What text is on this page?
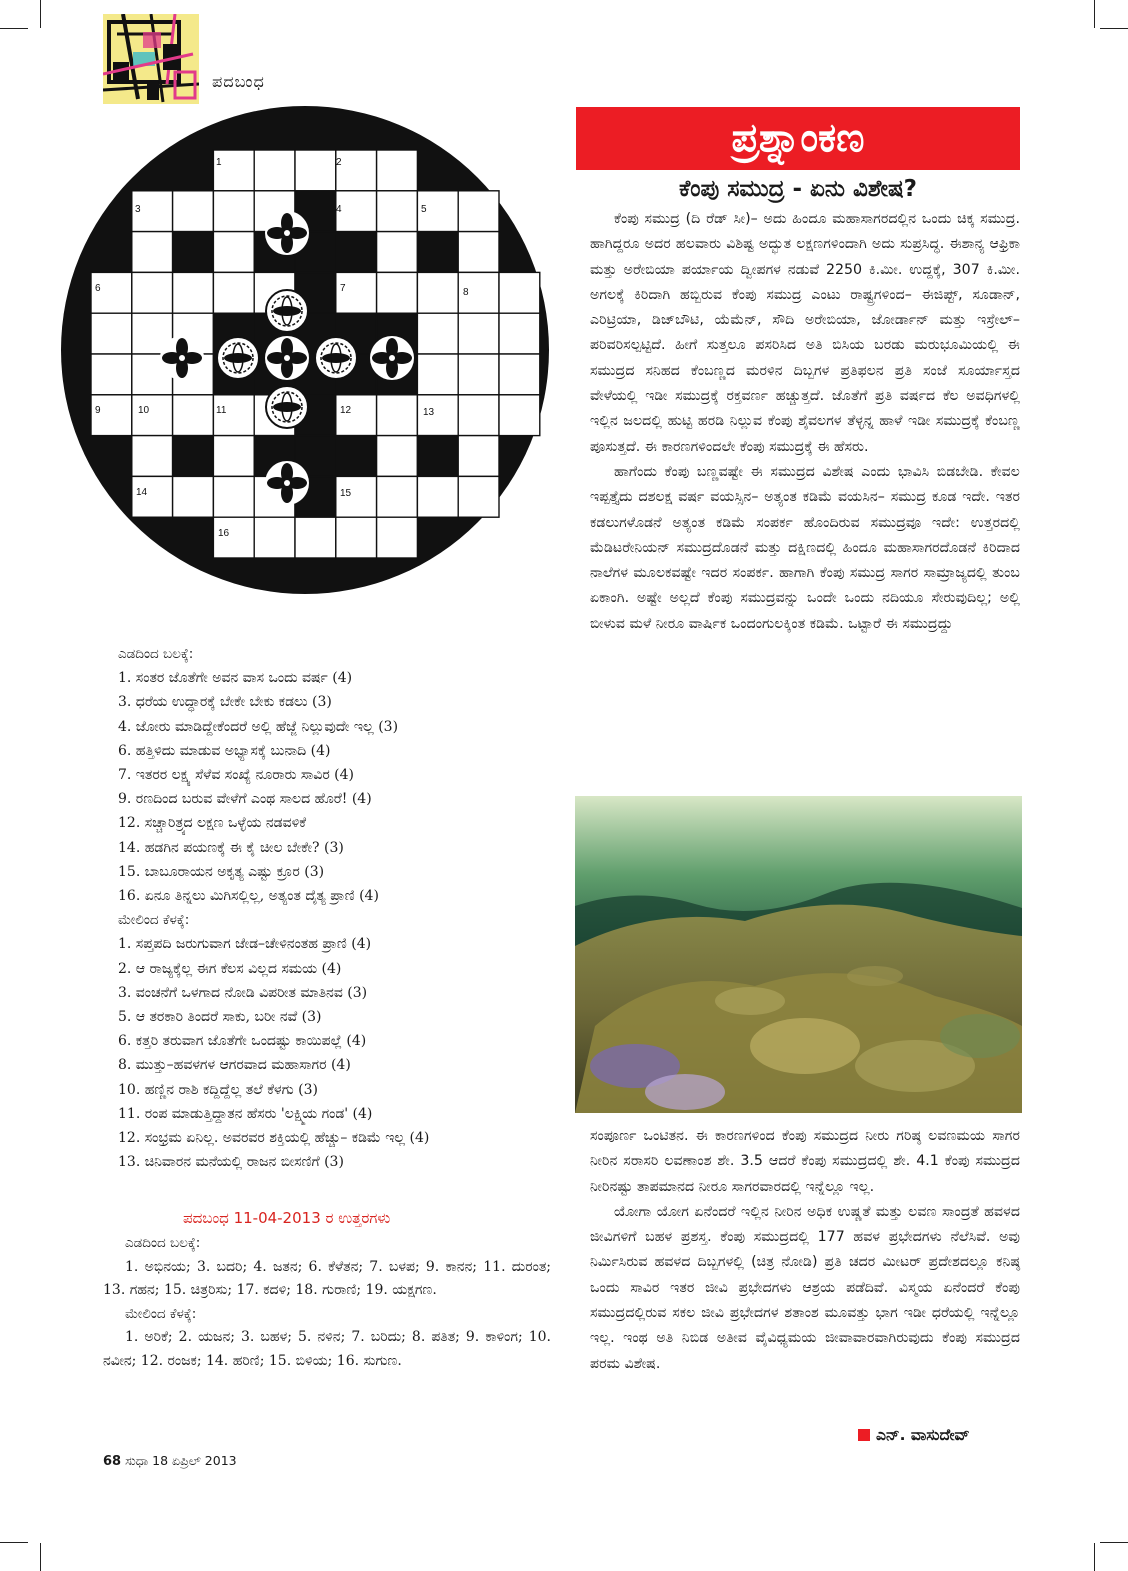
ಪದಬಂಧ
1	2
3	4	5
6	7	8
9	10	11	12	13
14	15
16
ಎಡದಿಂದ ಬಲಕ್ಕೆ:
1. ಸಂತರ ಜೊತೆಗೇ ಅವನ ವಾಸ ಒಂದು ವರ್ಷ (4)
3. ಧರೆಯ ಉದ್ಧಾರಕ್ಕೆ ಬೇಕೇ ಬೇಕು ಕಡಲು (3)
4. ಜೋರು ಮಾಡಿದ್ದೇಕೆಂದರೆ ಅಲ್ಲಿ ಹೆಜ್ಜೆ ನಿಲ್ಲುವುದೇ ಇಲ್ಲ (3)
6. ಹತ್ತಿಳಿದು ಮಾಡುವ ಅಭ್ಯಾಸಕ್ಕೆ ಬುನಾದಿ (4)
7. ಇತರರ ಲಕ್ಷ್ಯ ಸೆಳೆವ ಸಂಖ್ಯೆ ನೂರಾರು ಸಾವಿರ (4)
9. ರಣದಿಂದ ಬರುವ ವೇಳೆಗೆ ಎಂಥ ಸಾಲದ ಹೊರೆ! (4)
12. ಸಚ್ಚಾರಿತ್ರ್ಯದ ಲಕ್ಷಣ ಒಳ್ಳೆಯ ನಡವಳಿಕೆ
14. ಹಡಗಿನ ಪಯಣಕ್ಕೆ ಈ ಕೈ ಚೀಲ ಬೇಕೇ? (3)
15. ಬಾಬೂರಾಯನ ಅಕೃತ್ಯ ಎಷ್ಟು ಕ್ರೂರ (3)
16. ಏನೂ ತಿನ್ನಲು ಮಿಗಿಸಲ್ಲಿಲ್ಲ, ಅತ್ಯಂತ ದೈತ್ಯ ಪ್ರಾಣಿ (4)
ಮೇಲಿಂದ ಕೆಳಕ್ಕೆ:
1. ಸಪ್ತಪದಿ ಜರುಗುವಾಗ ಜೇಡ–ಚೇಳಿನಂತಹ ಪ್ರಾಣಿ (4)
2. ಆ ರಾಜ್ಯಕ್ಕೆಲ್ಲ ಈಗ ಕೆಲಸ ವಿಲ್ಲದ ಸಮಯ (4)
3. ವಂಚನೆಗೆ ಒಳಗಾದ ನೋಡಿ ವಿಪರೀತ ಮಾತಿನವ (3)
5. ಆ ತರಕಾರಿ ತಿಂದರೆ ಸಾಕು, ಬರೀ ನವೆ (3)
6. ಕತ್ತರಿ ತರುವಾಗ ಜೊತೆಗೇ ಒಂದಷ್ಟು ಕಾಯಿಪಲ್ಲೆ (4)
8. ಮುತ್ತು–ಹವಳಗಳ ಆಗರವಾದ ಮಹಾಸಾಗರ (4)
10. ಹಣ್ಣಿನ ರಾಶಿ ಕದ್ದಿದ್ದೆಲ್ಲ ತಲೆ ಕೆಳಗು (3)
11. ರಂಪ ಮಾಡುತ್ತಿದ್ದಾತನ ಹೆಸರು 'ಲಕ್ಷ್ಮಿಯ ಗಂಡ' (4)
12. ಸಂಭ್ರಮ ಏನಿಲ್ಲ. ಅವರವರ ಶಕ್ತಿಯಲ್ಲಿ ಹೆಚ್ಚು– ಕಡಿಮೆ ಇಲ್ಲ (4)
13. ಚಿನಿವಾರನ ಮನೆಯಲ್ಲಿ ರಾಜನ ಬೀಸಣಿಗೆ (3)
ಪದಬಂಧ 11-04-2013 ರ ಉತ್ತರಗಳು
ಎಡದಿಂದ ಬಲಕ್ಕೆ:
1. ಅಭಿನಯ; 3. ಬದರಿ; 4. ಜತನ; 6. ಕೆಳೆತನ; 7. ಬಳಪ; 9. ಕಾನನ; 11. ದುರಂತ; 13. ಗಹನ; 15. ಚಿತ್ರರಿಸು; 17. ಕದಳಿ; 18. ಗುರಾಣಿ; 19. ಯಕ್ಷಗಣ.
ಮೇಲಿಂದ ಕೆಳಕ್ಕೆ:
1. ಅರಿಕೆ; 2. ಯಜನ; 3. ಬಹಳ; 5. ನಳಿನ; 7. ಬರಿದು; 8. ಪತಿತ; 9. ಕಾಳಿಂಗ; 10. ನವೀನ; 12. ರಂಜಕ; 14. ಹರಿಣಿ; 15. ಬಿಳಿಯ; 16. ಸುಗುಣ.
68 ಸುಧಾ 18 ಏಪ್ರಿಲ್ 2013
ಪ್ರಶ್ನಾಂಕಣ
ಕೆಂಪು ಸಮುದ್ರ - ಏನು ವಿಶೇಷ?

ಕೆಂಪು ಸಮುದ್ರ (ದಿ ರೆಡ್ ಸೀ)– ಅದು ಹಿಂದೂ ಮಹಾಸಾಗರದಲ್ಲಿನ ಒಂದು ಚಿಕ್ಕ ಸಮುದ್ರ. ಹಾಗಿದ್ದರೂ ಅದರ ಹಲವಾರು ವಿಶಿಷ್ಟ ಅದ್ಭುತ ಲಕ್ಷಣಗಳಿಂದಾಗಿ ಅದು ಸುಪ್ರಸಿದ್ಧ. ಈಶಾನ್ಯ ಆಫ್ರಿಕಾ ಮತ್ತು ಅರೇಬಿಯಾ ಪರ್ಯಾಯ ದ್ವೀಪಗಳ ನಡುವೆ 2250 ಕಿ.ಮೀ. ಉದ್ದಕ್ಕೆ, 307 ಕಿ.ಮೀ. ಅಗಲಕ್ಕೆ ಕಿರಿದಾಗಿ ಹಬ್ಬಿರುವ ಕೆಂಪು ಸಮುದ್ರ ಎಂಟು ರಾಷ್ಟ್ರಗಳಿಂದ– ಈಜಿಪ್ಟ್, ಸೂಡಾನ್, ಎರಿಟ್ರಿಯಾ, ಡಿಜ್‌ಬೌಟಿ, ಯೆಮೆನ್, ಸೌದಿ ಅರೇಬಿಯಾ, ಜೋರ್ಡಾನ್ ಮತ್ತು ಇಸ್ರೇಲ್– ಪರಿವರಿಸಲ್ಪಟ್ಟಿದೆ. ಹೀಗೆ ಸುತ್ತಲೂ ಪಸರಿಸಿದ ಅತಿ ಬಿಸಿಯ ಬರಡು ಮರುಭೂಮಿಯಲ್ಲಿ ಈ ಸಮುದ್ರದ ಸನಿಹದ ಕೆಂಬಣ್ಣದ ಮರಳಿನ ದಿಬ್ಬಗಳ ಪ್ರತಿಫಲನ ಪ್ರತಿ ಸಂಜೆ ಸೂರ್ಯಾಸ್ತದ ವೇಳೆಯಲ್ಲಿ ಇಡೀ ಸಮುದ್ರಕ್ಕೆ ರಕ್ತವರ್ಣ ಹಚ್ಚುತ್ತದೆ. ಜೊತೆಗೆ ಪ್ರತಿ ವರ್ಷದ ಕೆಲ ಅವಧಿಗಳಲ್ಲಿ ಇಲ್ಲಿನ ಜಲದಲ್ಲಿ ಹುಟ್ಟಿ ಹರಡಿ ನಿಲ್ಲುವ ಕೆಂಪು ಶೈವಲಗಳ ತೆಳ್ಳನ್ನ ಹಾಳೆ ಇಡೀ ಸಮುದ್ರಕ್ಕೆ ಕೆಂಬಣ್ಣ ಪೂಸುತ್ತದೆ. ಈ ಕಾರಣಗಳಿಂದಲೇ ಕೆಂಪು ಸಮುದ್ರಕ್ಕೆ ಈ ಹೆಸರು.

ಹಾಗೆಂದು ಕೆಂಪು ಬಣ್ಣವಷ್ಟೇ ಈ ಸಮುದ್ರದ ವಿಶೇಷ ಎಂದು ಭಾವಿಸಿ ಬಿಡಬೇಡಿ. ಕೇವಲ ಇಪ್ಪತ್ತೈದು ದಶಲಕ್ಷ ವರ್ಷ ವಯಸ್ಸಿನ– ಅತ್ಯಂತ ಕಡಿಮೆ ವಯಸಿನ– ಸಮುದ್ರ ಕೂಡ ಇದೇ. ಇತರ ಕಡಲುಗಳೊಡನೆ ಅತ್ಯಂತ ಕಡಿಮೆ ಸಂಪರ್ಕ ಹೊಂದಿರುವ ಸಮುದ್ರವೂ ಇದೇ: ಉತ್ತರದಲ್ಲಿ ಮೆಡಿಟರೇನಿಯನ್ ಸಮುದ್ರದೊಡನೆ ಮತ್ತು ದಕ್ಷಿಣದಲ್ಲಿ ಹಿಂದೂ ಮಹಾಸಾಗರದೊಡನೆ ಕಿರಿದಾದ ನಾಲೆಗಳ ಮೂಲಕವಷ್ಟೇ ಇದರ ಸಂಪರ್ಕ. ಹಾಗಾಗಿ ಕೆಂಪು ಸಮುದ್ರ ಸಾಗರ ಸಾಮ್ರಾಜ್ಯದಲ್ಲಿ ತುಂಬ ಏಕಾಂಗಿ. ಅಷ್ಟೇ ಅಲ್ಲದೆ ಕೆಂಪು ಸಮುದ್ರವನ್ನು ಒಂದೇ ಒಂದು ನದಿಯೂ ಸೇರುವುದಿಲ್ಲ; ಅಲ್ಲಿ ಬೀಳುವ ಮಳೆ ನೀರೂ ವಾರ್ಷಿಕ ಒಂದಂಗುಲಕ್ಕಿಂತ ಕಡಿಮೆ. ಒಟ್ಟಾರೆ ಈ ಸಮುದ್ರದ್ದು

ಸಂಪೂರ್ಣ ಒಂಟಿತನ. ಈ ಕಾರಣಗಳಿಂದ ಕೆಂಪು ಸಮುದ್ರದ ನೀರು ಗರಿಷ್ಠ ಲವಣಮಯ ಸಾಗರ ನೀರಿನ ಸರಾಸರಿ ಲವಣಾಂಶ ಶೇ. 3.5 ಆದರೆ ಕೆಂಪು ಸಮುದ್ರದಲ್ಲಿ ಶೇ. 4.1 ಕೆಂಪು ಸಮುದ್ರದ ನೀರಿನಷ್ಟು ತಾಪಮಾನದ ನೀರೂ ಸಾಗರವಾರದಲ್ಲಿ ಇನ್ನೆಲ್ಲೂ ಇಲ್ಲ.

ಯೋಗಾ ಯೋಗ ಏನೆಂದರೆ ಇಲ್ಲಿನ ನೀರಿನ ಅಧಿಕ ಉಷ್ಣತೆ ಮತ್ತು ಲವಣ ಸಾಂದ್ರತೆ ಹವಳದ ಜೀವಿಗಳಿಗೆ ಬಹಳ ಪ್ರಶಸ್ತ. ಕೆಂಪು ಸಮುದ್ರದಲ್ಲಿ 177 ಹವಳ ಪ್ರಭೇದಗಳು ನೆಲೆಸಿವೆ. ಅವು ನಿರ್ಮಿಸಿರುವ ಹವಳದ ದಿಬ್ಬಗಳಲ್ಲಿ (ಚಿತ್ರ ನೋಡಿ) ಪ್ರತಿ ಚದರ ಮೀಟರ್ ಪ್ರದೇಶದಲ್ಲೂ ಕನಿಷ್ಠ ಒಂದು ಸಾವಿರ ಇತರ ಜೀವಿ ಪ್ರಭೇದಗಳು ಆಶ್ರಯ ಪಡೆದಿವೆ. ವಿಸ್ಮಯ ಏನೆಂದರೆ ಕೆಂಪು ಸಮುದ್ರದಲ್ಲಿರುವ ಸಕಲ ಜೀವಿ ಪ್ರಭೇದಗಳ ಶತಾಂಶ ಮೂವತ್ತು ಭಾಗ ಇಡೀ ಧರೆಯಲ್ಲಿ ಇನ್ನೆಲ್ಲೂ ಇಲ್ಲ. ಇಂಥ ಅತಿ ನಿಬಿಡ ಅತೀವ ವೈವಿಧ್ಯಮಯ ಜೀವಾವಾರವಾಗಿರುವುದು ಕೆಂಪು ಸಮುದ್ರದ ಪರಮ ವಿಶೇಷ.

ಎನ್. ವಾಸುದೇವ್
